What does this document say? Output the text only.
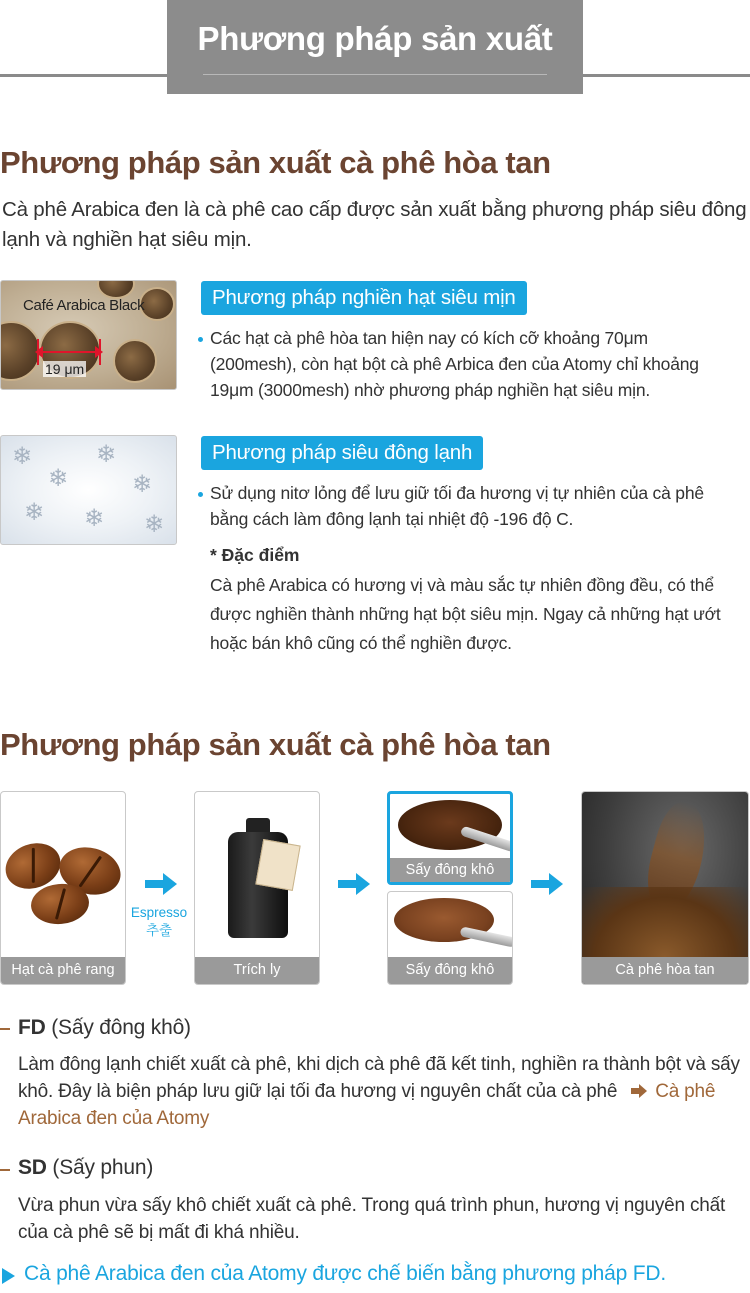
Phương pháp sản xuất
Phương pháp sản xuất cà phê hòa tan
Cà phê Arabica đen là cà phê cao cấp được sản xuất bằng phương pháp siêu đông lạnh và nghiền hạt siêu mịn.
Café Arabica Black
19 μm
Phương pháp nghiền hạt siêu mịn
Các hạt cà phê hòa tan hiện nay có kích cỡ khoảng 70μm (200mesh), còn hạt bột cà phê Arbica đen của Atomy chỉ khoảng 19μm (3000mesh) nhờ phương pháp nghiền hạt siêu mịn.
❄
❄
❄
❄
❄ ❄ ❄
Phương pháp siêu đông lạnh
Sử dụng nitơ lỏng để lưu giữ tối đa hương vị tự nhiên của cà phê bằng cách làm đông lạnh tại nhiệt độ -196 độ C.
* Đặc điểm
Cà phê Arabica có hương vị và màu sắc tự nhiên đồng đều, có thể được nghiền thành những hạt bột siêu mịn. Ngay cả những hạt ướt hoặc bán khô cũng có thể nghiền được.
Phương pháp sản xuất cà phê hòa tan
Hạt cà phê rang
Espresso
추출
Trích ly
Sấy đông khô
Sấy đông khô	Cà phê hòa tan
FD (Sấy đông khô)
Làm đông lạnh chiết xuất cà phê, khi dịch cà phê đã kết tinh, nghiền ra thành bột và sấy khô. Đây là biện pháp lưu giữ lại tối đa hương vị nguyên chất của cà phê Cà phê Arabica đen của Atomy
SD (Sấy phun)
Vừa phun vừa sấy khô chiết xuất cà phê. Trong quá trình phun, hương vị nguyên chất của cà phê sẽ bị mất đi khá nhiều.
Cà phê Arabica đen của Atomy được chế biến bằng phương pháp FD.
